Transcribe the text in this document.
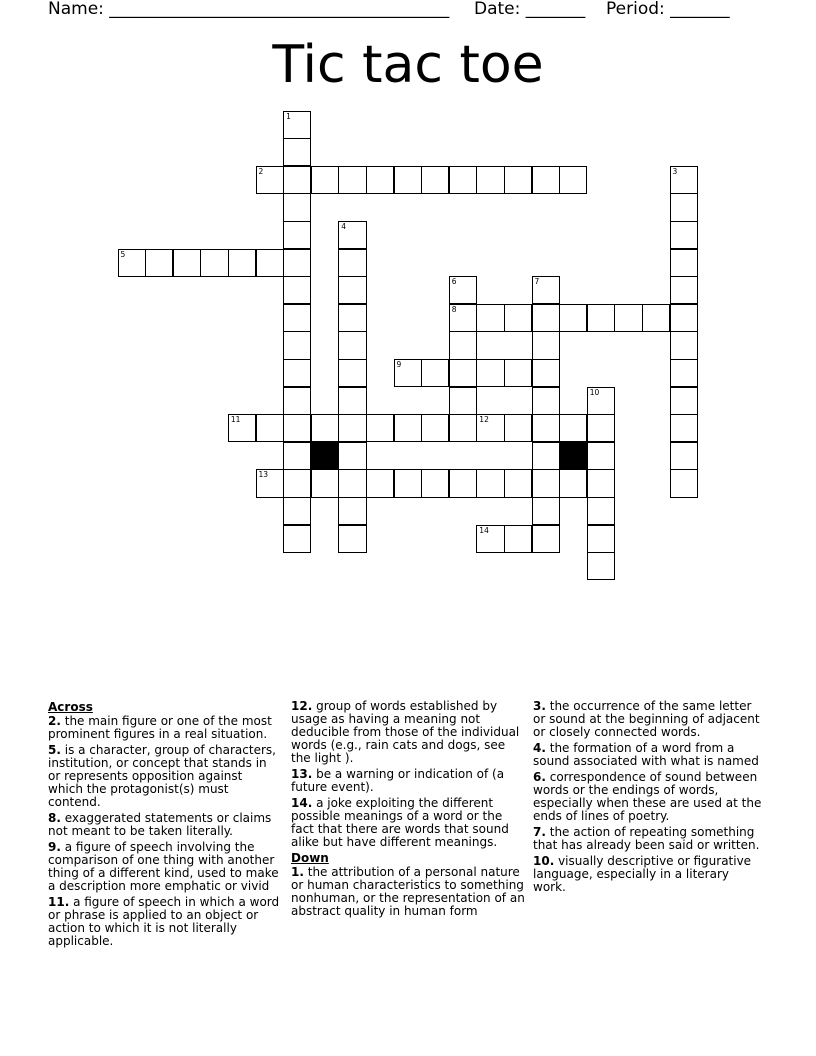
Name: ________________________________________

Date: _______

Period: _______

Tic tac toe
1
2	3
4
5
6
8
7
9
10
11	12
13
14
Across
2. the main figure or one of the most prominent figures in a real situation.
5. is a character, group of characters, institution, or concept that stands in or represents opposition against which the protagonist(s) must contend.
8. exaggerated statements or claims not meant to be taken literally.
9. a figure of speech involving the comparison of one thing with another thing of a different kind, used to make a description more emphatic or vivid
11. a figure of speech in which a word or phrase is applied to an object or action to which it is not literally applicable.
12. group of words established by usage as having a meaning not deducible from those of the individual words (e.g., rain cats and dogs, see the light ).
13. be a warning or indication of (a future event).
14. a joke exploiting the different possible meanings of a word or the fact that there are words that sound alike but have different meanings.
Down
1. the attribution of a personal nature or human characteristics to something nonhuman, or the representation of an abstract quality in human form
3. the occurrence of the same letter or sound at the beginning of adjacent or closely connected words.
4. the formation of a word from a sound associated with what is named
6. correspondence of sound between words or the endings of words, especially when these are used at the ends of lines of poetry.
7. the action of repeating something that has already been said or written.
10. visually descriptive or figurative language, especially in a literary work.
